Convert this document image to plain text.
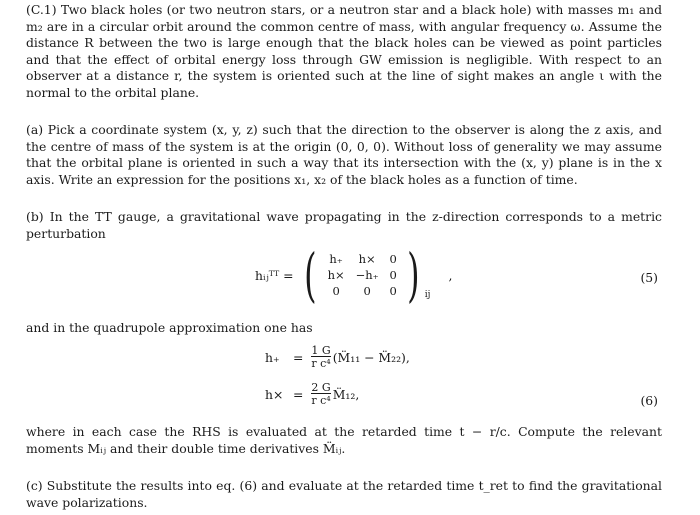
(C.1) Two black holes (or two neutron stars, or a neutron star and a black hole) with masses m₁ and m₂ are in a circular orbit around the common centre of mass, with angular frequency ω. Assume the distance R between the two is large enough that the black holes can be viewed as point particles and that the effect of orbital energy loss through GW emission is negligible. With respect to an observer at a distance r, the system is oriented such at the line of sight makes an angle ι with the normal to the orbital plane.

(a) Pick a coordinate system (x, y, z) such that the direction to the observer is along the z axis, and the centre of mass of the system is at the origin (0, 0, 0). Without loss of generality we may assume that the orbital plane is oriented in such a way that its intersection with the (x, y) plane is in the x axis. Write an expression for the positions x₁, x₂ of the black holes as a function of time.

(b) In the TT gauge, a gravitational wave propagating in the z-direction corresponds to a metric perturbation

hᵢⱼᵀᵀ = (	h₊	h×	0
h× −h₊ 0
0	0	0 ) ij
,	(5)

and in the quadrupole approximation one has

h₊	= $\frac{1 G}{\text{r c⁴}}$ (M̈₁₁ − M̈₂₂),
$h\times = \frac{2 G}{\text{r c⁴}}$ M̈₁₂,	(6)

where in each case the RHS is evaluated at the retarded time t − r/c. Compute the relevant moments Mᵢⱼ and their double time derivatives M̈ᵢⱼ.

(c) Substitute the results into eq. (6) and evaluate at the retarded time t_ret to find the gravitational wave polarizations.
